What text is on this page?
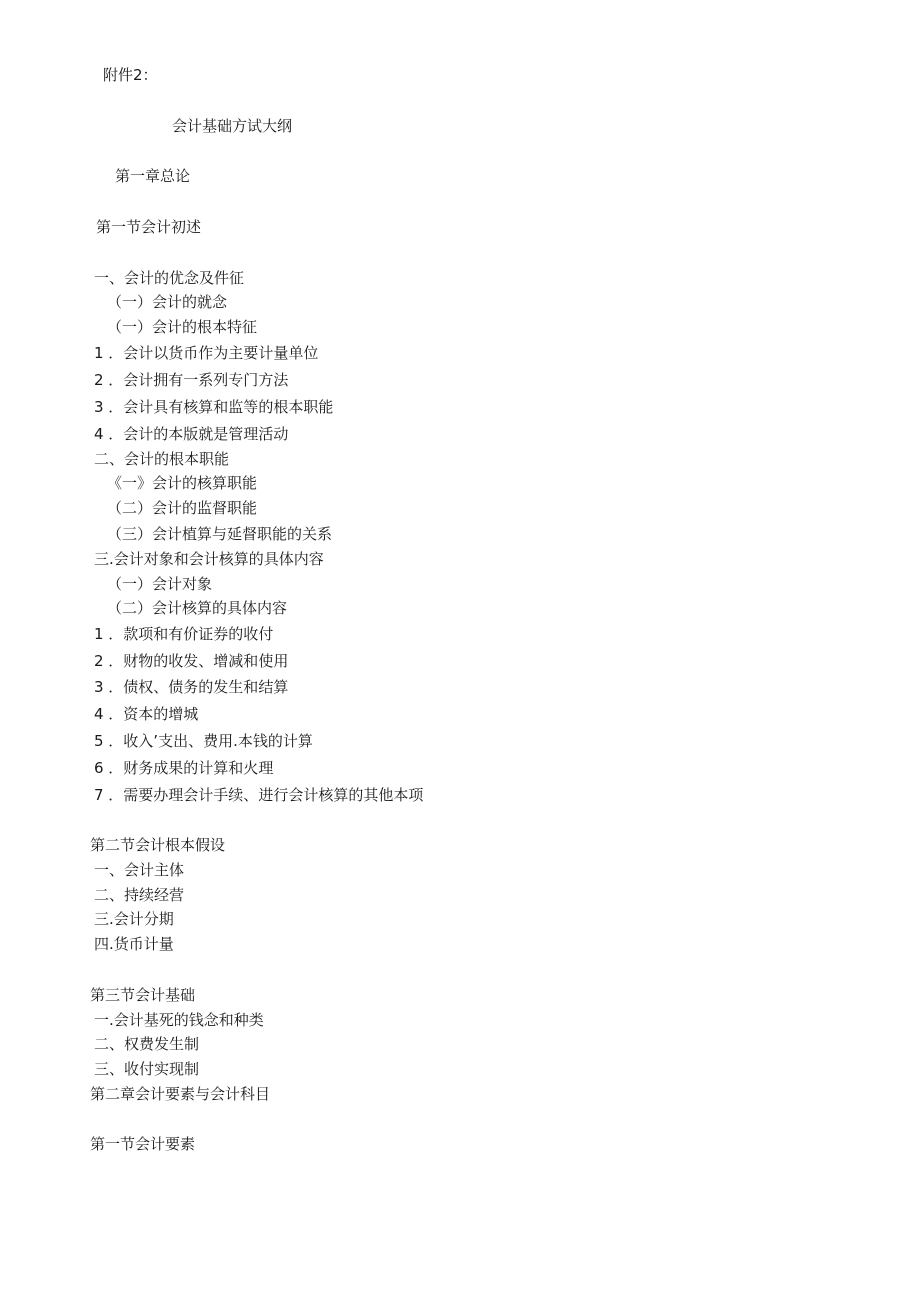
附件2：
会计基础方试大纲
第一章总论
第一节会计初述
一、会计的优念及件征
（一）会计的就念
（一）会计的根本特征
1 ．会计以货币作为主要计量单位
2 ．会计拥有一系列专门方法
3 ．会计具有核算和监等的根本职能
4 ．会计的本版就是管理活动
二、会计的根本职能
《一》会计的核算职能
（二）会计的监督职能
（三）会计植算与延督职能的关系
三.会计对象和会计核算的具体内容
（一）会计对象
（二）会计核算的具体内容
1 ．款项和有价证券的收付
2 ．财物的收发、增减和使用
3 ．债权、债务的发生和结算
4 ．资本的增城
5 ．收入’支出、费用.本钱的计算
6 ．财务成果的计算和火理
7 ．需要办理会计手续、进行会计核算的其他本项
第二节会计根本假设
一、会计主体
二、持续经营
三.会计分期
四.货币计量
第三节会计基础
一.会计基死的钱念和种类
二、权费发生制
三、收付实现制
第二章会计要素与会计科目
第一节会计要素
